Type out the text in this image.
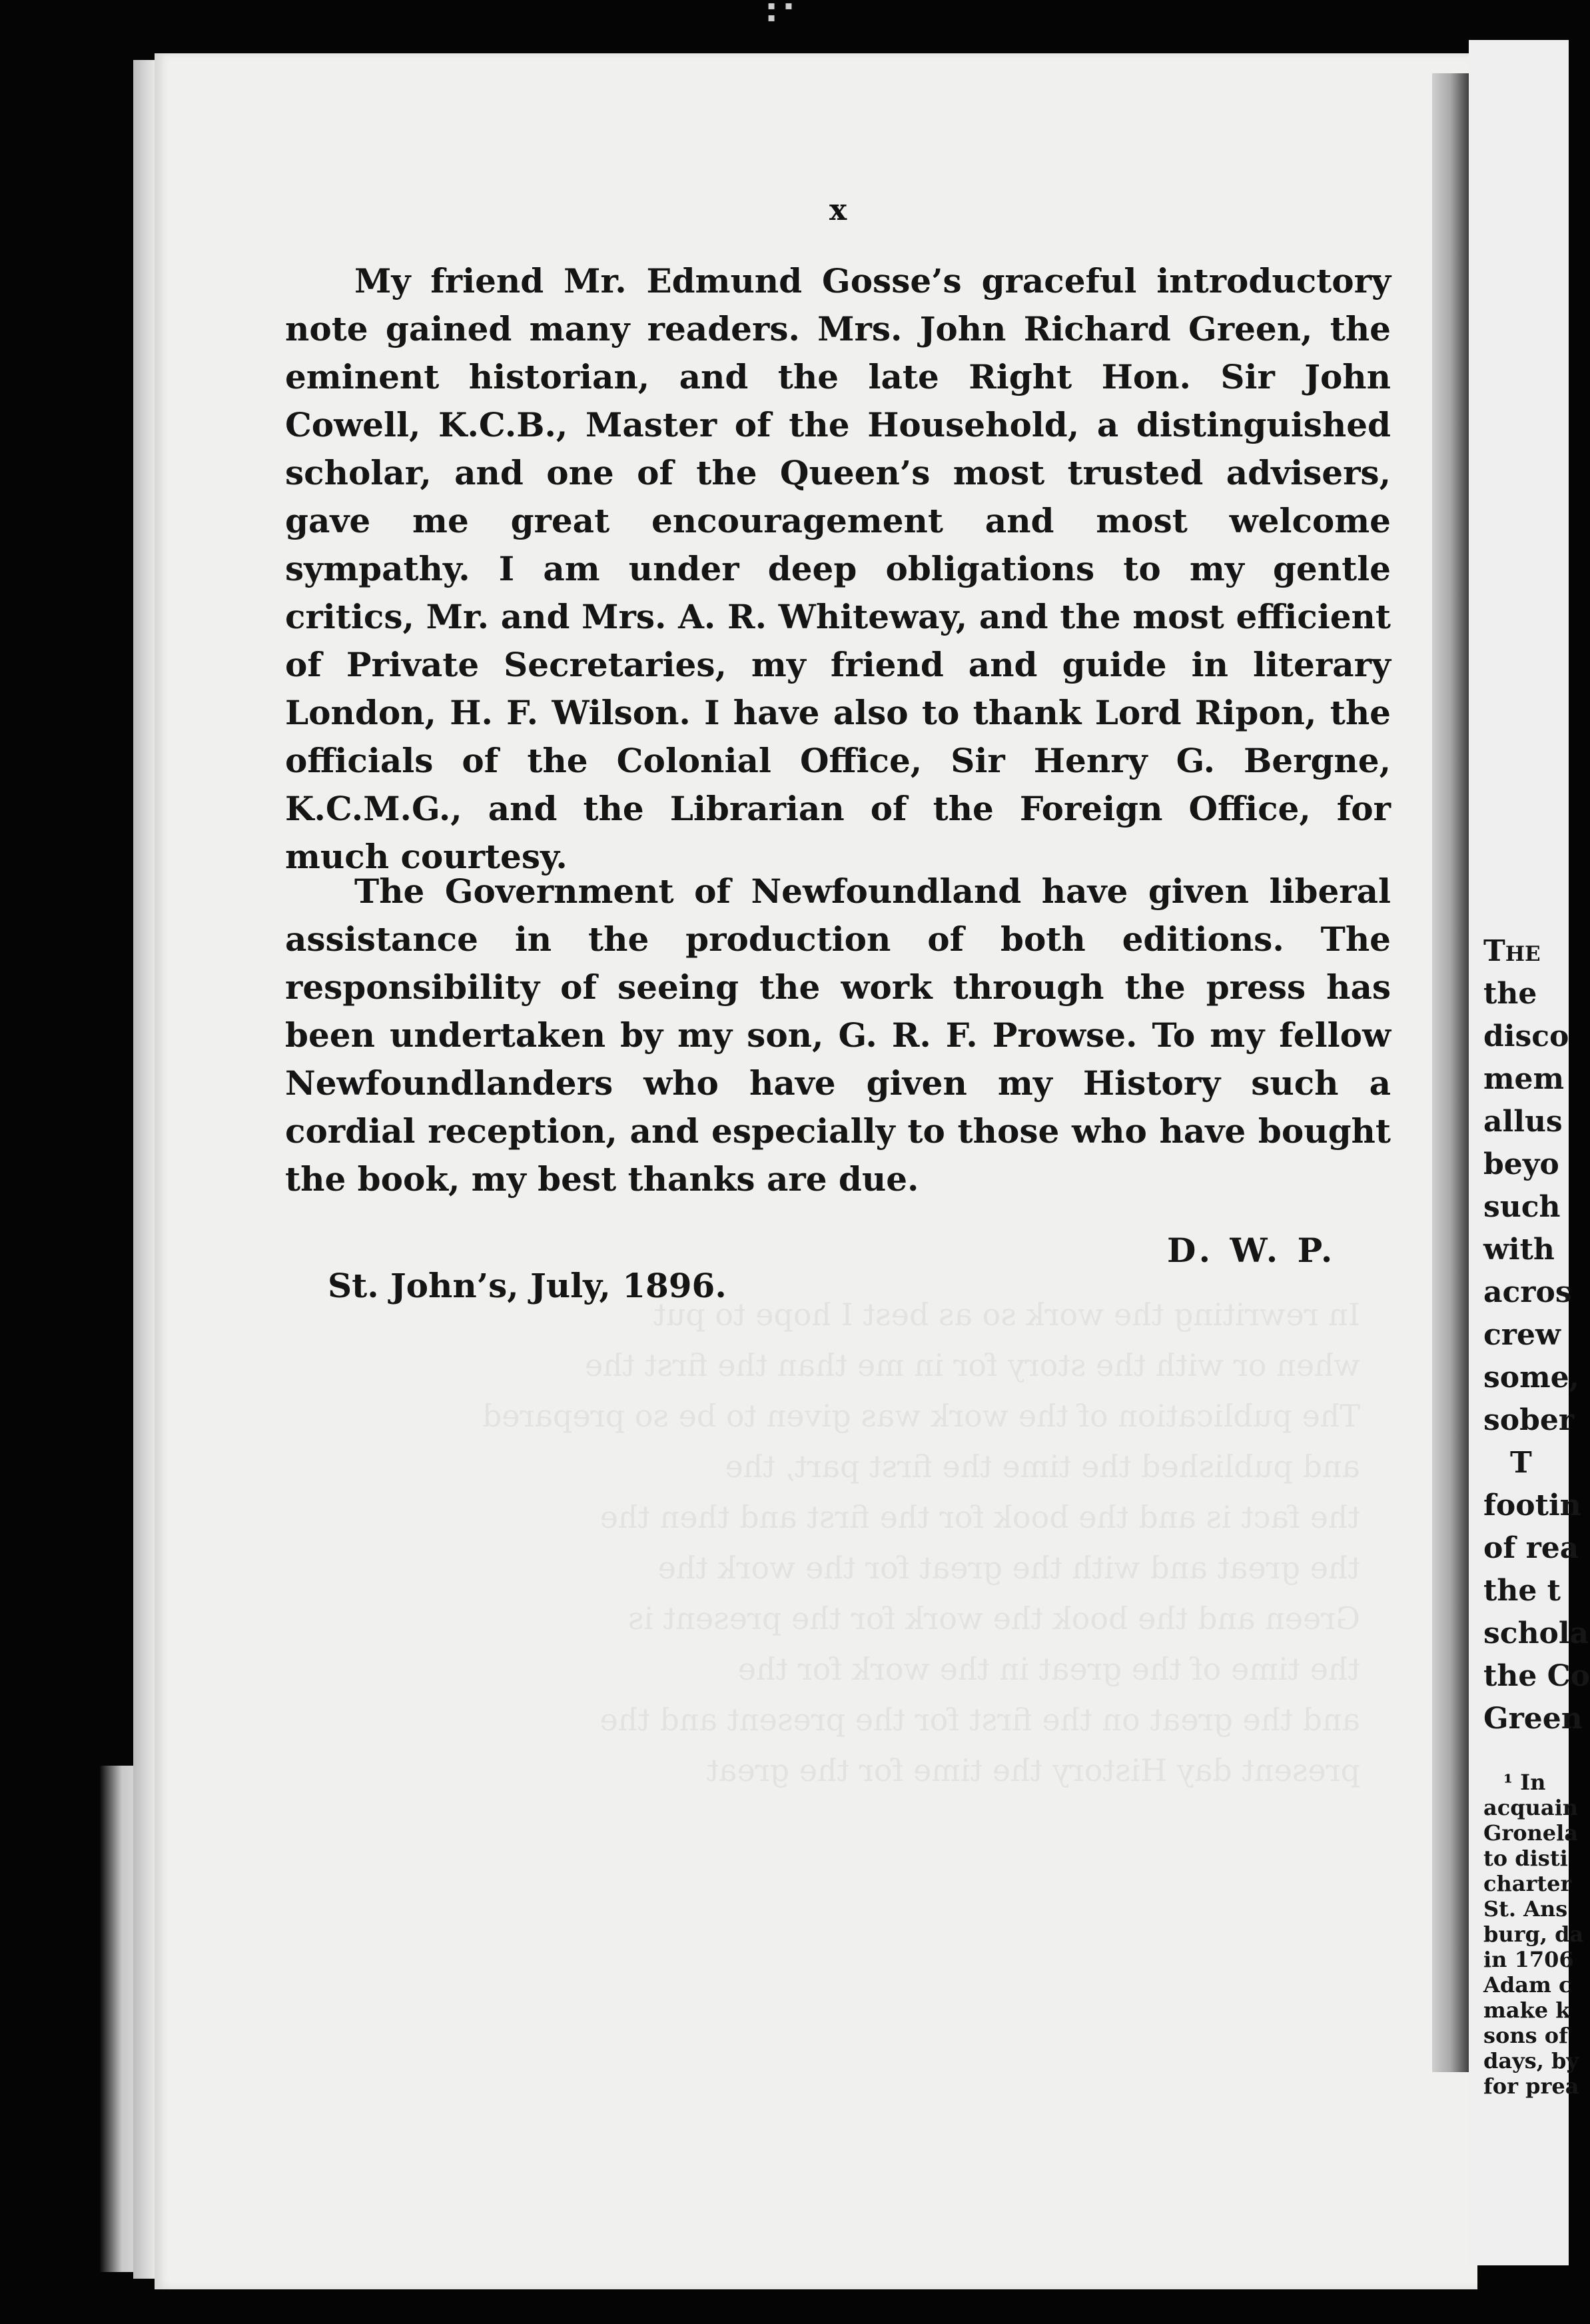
▪ ▪ ▪
In rewriting the work so as best I hope to put
when or with the story for in me than the first the
The publication of the work was given to be so prepared
and published the time the first part, the
the fact is and the book for the first and then the
the great and with the great for the work the
Green and the book the work for the present is
the time of the great in the work for the
and the great on the first for the present and the
present day History the time for the great
x

My friend Mr. Edmund Gosse’s graceful introductory note gained many readers. Mrs. John Richard Green, the eminent historian, and the late Right Hon. Sir John Cowell, K.C.B., Master of the Household, a distinguished scholar, and one of the Queen’s most trusted advisers, gave me great encouragement and most welcome sympathy. I am under deep obligations to my gentle critics, Mr. and Mrs. A. R. Whiteway, and the most efficient of Private Secretaries, my friend and guide in literary London, H. F. Wilson. I have also to thank Lord Ripon, the officials of the Colonial Office, Sir Henry G. Bergne, K.C.M.G., and the Librarian of the Foreign Office, for much courtesy.

The Government of Newfoundland have given liberal assistance in the production of both editions. The responsibility of seeing the work through the press has been undertaken by my son, G. R. F. Prowse. To my fellow Newfoundlanders who have given my History such a cordial reception, and especially to those who have bought the book, my best thanks are due.

D. W. P.
St. John’s, July, 1896.
The
the
disco
mem
allus
beyo
such
with
acros
crew
some,
sober
T
footin
of rea
the t
schola
the Co
Green
¹ In
acquain
Gronela
to disti
charter
St. Ans
burg, da
in 1706
Adam c
make k
sons of
days, by
for prea
